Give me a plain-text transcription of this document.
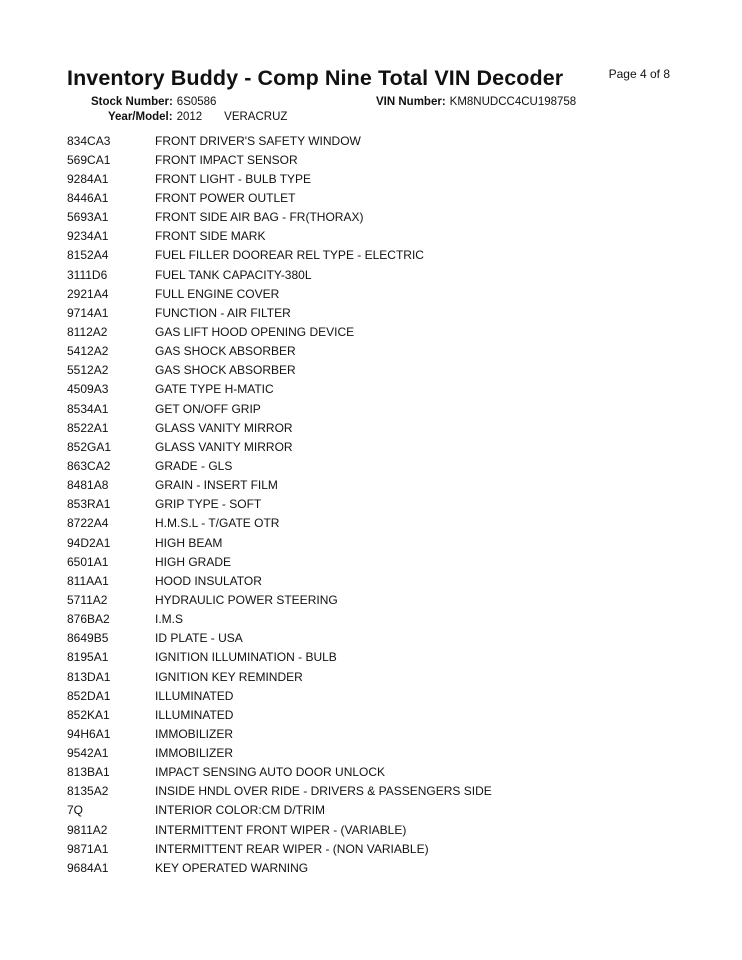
Inventory Buddy - Comp Nine Total VIN Decoder	Page 4 of 8
Stock Number: 6S0586	VIN Number: KM8NUDCC4CU198758
Year/Model: 2012 VERACRUZ
834CA3	FRONT DRIVER'S SAFETY WINDOW
569CA1	FRONT IMPACT SENSOR
9284A1	FRONT LIGHT - BULB TYPE
8446A1	FRONT POWER OUTLET
5693A1	FRONT SIDE AIR BAG - FR(THORAX)
9234A1	FRONT SIDE MARK
8152A4	FUEL FILLER DOOREAR REL TYPE - ELECTRIC
3111D6	FUEL TANK CAPACITY-380L
2921A4	FULL ENGINE COVER
9714A1	FUNCTION - AIR FILTER
8112A2	GAS LIFT HOOD OPENING DEVICE
5412A2	GAS SHOCK ABSORBER
5512A2	GAS SHOCK ABSORBER
4509A3	GATE TYPE H-MATIC
8534A1	GET ON/OFF GRIP
8522A1	GLASS VANITY MIRROR
852GA1	GLASS VANITY MIRROR
863CA2	GRADE - GLS
8481A8	GRAIN - INSERT FILM
853RA1	GRIP TYPE - SOFT
8722A4	H.M.S.L - T/GATE OTR
94D2A1	HIGH BEAM
6501A1	HIGH GRADE
811AA1	HOOD INSULATOR
5711A2	HYDRAULIC POWER STEERING
876BA2	I.M.S
8649B5	ID PLATE - USA
8195A1	IGNITION ILLUMINATION - BULB
813DA1	IGNITION KEY REMINDER
852DA1	ILLUMINATED
852KA1	ILLUMINATED
94H6A1	IMMOBILIZER
9542A1	IMMOBILIZER
813BA1	IMPACT SENSING AUTO DOOR UNLOCK
8135A2	INSIDE HNDL OVER RIDE - DRIVERS & PASSENGERS SIDE
7Q	INTERIOR COLOR:CM D/TRIM
9811A2	INTERMITTENT FRONT WIPER - (VARIABLE)
9871A1	INTERMITTENT REAR WIPER - (NON VARIABLE)
9684A1	KEY OPERATED WARNING
